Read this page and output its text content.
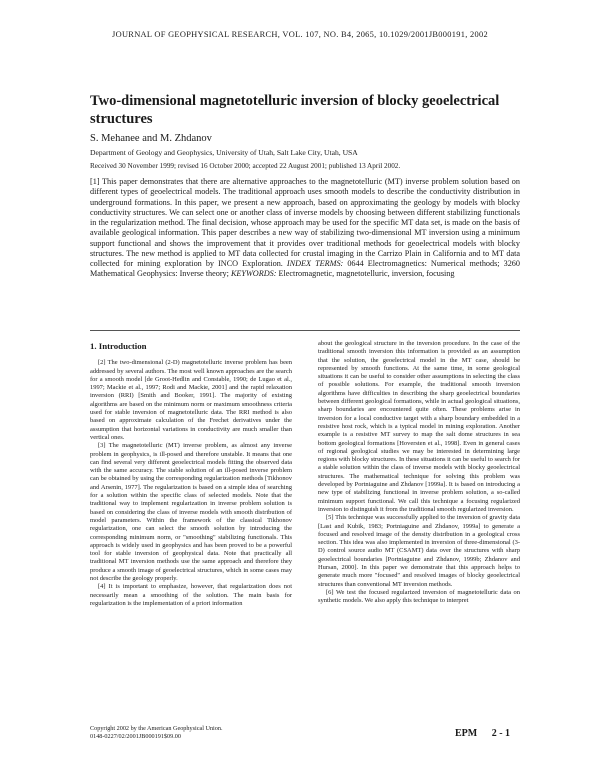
JOURNAL OF GEOPHYSICAL RESEARCH, VOL. 107, NO. B4, 2065, 10.1029/2001JB000191, 2002
Two-dimensional magnetotelluric inversion of blocky geoelectrical structures
S. Mehanee and M. Zhdanov
Department of Geology and Geophysics, University of Utah, Salt Lake City, Utah, USA
Received 30 November 1999; revised 16 October 2000; accepted 22 August 2001; published 13 April 2002.

[1] This paper demonstrates that there are alternative approaches to the magnetotelluric (MT) inverse problem solution based on different types of geoelectrical models. The traditional approach uses smooth models to describe the conductivity distribution in underground formations. In this paper, we present a new approach, based on approximating the geology by models with blocky conductivity structures. We can select one or another class of inverse models by choosing between different stabilizing functionals in the regularization method. The final decision, whose approach may be used for the specific MT data set, is made on the basis of available geological information. This paper describes a new way of stabilizing two-dimensional MT inversion using a minimum support functional and shows the improvement that it provides over traditional methods for geoelectrical models with blocky structures. The new method is applied to MT data collected for crustal imaging in the Carrizo Plain in California and to MT data collected for mining exploration by INCO Exploration. INDEX TERMS: 0644 Electromagnetics: Numerical methods; 3260 Mathematical Geophysics: Inverse theory; KEYWORDS: Electromagnetic, magnetotelluric, inversion, focusing

1. Introduction

[2] The two-dimensional (2-D) magnetotelluric inverse problem has been addressed by several authors. The most well known approaches are the search for a smooth model [de Groot-Hedlin and Constable, 1990; de Lugao et al., 1997; Mackie et al., 1997; Rodi and Mackie, 2001] and the rapid relaxation inversion (RRI) [Smith and Booker, 1991]. The majority of existing algorithms are based on the minimum norm or maximum smoothness criteria used for stable inversion of magnetotelluric data. The RRI method is also based on approximate calculation of the Frechet derivatives under the assumption that horizontal variations in conductivity are much smaller than vertical ones.

[3] The magnetotelluric (MT) inverse problem, as almost any inverse problem in geophysics, is ill-posed and therefore unstable. It means that one can find several very different geoelectrical models fitting the observed data with the same accuracy. The stable solution of an ill-posed inverse problem can be obtained by using the corresponding regularization methods [Tikhonov and Arsenin, 1977]. The regularization is based on a simple idea of searching for a solution within the specific class of selected models. Note that the traditional way to implement regularization in inverse problem solution is based on considering the class of inverse models with smooth distribution of model parameters. Within the framework of the classical Tikhonov regularization, one can select the smooth solution by introducing the corresponding minimum norm, or "smoothing" stabilizing functionals. This approach is widely used in geophysics and has been proved to be a powerful tool for stable inversion of geophysical data. Note that practically all traditional MT inversion methods use the same approach and therefore they produce a smooth image of geoelectrical structures, which in some cases may not describe the geology properly.

[4] It is important to emphasize, however, that regularization does not necessarily mean a smoothing of the solution. The main basis for regularization is the implementation of a priori information

about the geological structure in the inversion procedure. In the case of the traditional smooth inversion this information is provided as an assumption that the solution, the geoelectrical model in the MT case, should be represented by smooth functions. At the same time, in some geological situations it can be useful to consider other assumptions in selecting the class of possible solutions. For example, the traditional smooth inversion algorithms have difficulties in describing the sharp geoelectrical boundaries between different geological formations, while in actual geological situations, sharp boundaries are encountered quite often. These problems arise in inversion for a local conductive target with a sharp boundary embedded in a resistive host rock, which is a typical model in mining exploration. Another example is a resistive MT survey to map the salt dome structures in sea bottom geological formations [Hoversten et al., 1998]. Even in general cases of regional geological studies we may be interested in determining large regions with blocky structures. In these situations it can be useful to search for a stable solution within the class of inverse models with blocky geoelectrical structures. The mathematical technique for solving this problem was developed by Portniaguine and Zhdanov [1999a]. It is based on introducing a new type of stabilizing functional in inverse problem solution, a so-called minimum support functional. We call this technique a focusing regularized inversion to distinguish it from the traditional smooth regularized inversion.

[5] This technique was successfully applied to the inversion of gravity data [Last and Kubik, 1983; Portniaguine and Zhdanov, 1999a] to generate a focused and resolved image of the density distribution in a geological cross section. This idea was also implemented in inversion of three-dimensional (3-D) control source audio MT (CSAMT) data over the structures with sharp geoelectrical boundaries [Portniaguine and Zhdanov, 1999b; Zhdanov and Hursan, 2000]. In this paper we demonstrate that this approach helps to generate much more "focused" and resolved images of blocky geoelectrical structures than conventional MT inversion methods.

[6] We test the focused regularized inversion of magnetotelluric data on synthetic models. We also apply this technique to interpret

Copyright 2002 by the American Geophysical Union.
0148-0227/02/2001JB000191$09.00	EPM 2 - 1
